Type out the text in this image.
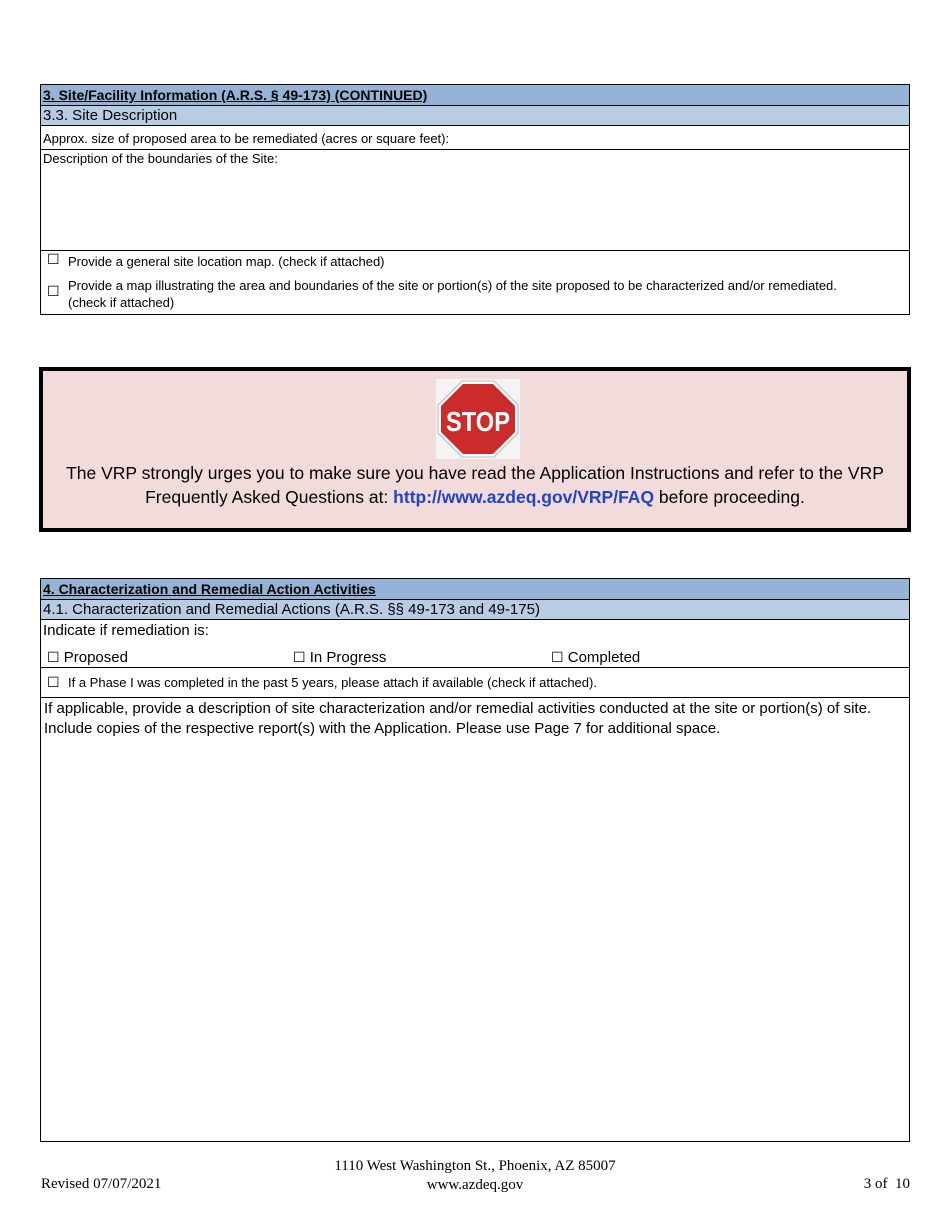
3. Site/Facility Information (A.R.S. § 49-173) (CONTINUED)
3.3. Site Description
Approx. size of proposed area to be remediated (acres or square feet):
Description of the boundaries of the Site:
☐ Provide a general site location map. (check if attached)
☐ Provide a map illustrating the area and boundaries of the site or portion(s) of the site proposed to be characterized and/or remediated. (check if attached)
STOP
The VRP strongly urges you to make sure you have read the Application Instructions and refer to the VRP Frequently Asked Questions at: http://www.azdeq.gov/VRP/FAQ before proceeding.
4. Characterization and Remedial Action Activities
4.1. Characterization and Remedial Actions (A.R.S. §§ 49-173 and 49-175)
Indicate if remediation is:
☐ Proposed	☐ In Progress	☐ Completed
☐ If a Phase I was completed in the past 5 years, please attach if available (check if attached).
If applicable, provide a description of site characterization and/or remedial activities conducted at the site or portion(s) of site. Include copies of the respective report(s) with the Application. Please use Page 7 for additional space.
Revised 07/07/2021
1110 West Washington St., Phoenix, AZ 85007
www.azdeq.gov	3 of  10
